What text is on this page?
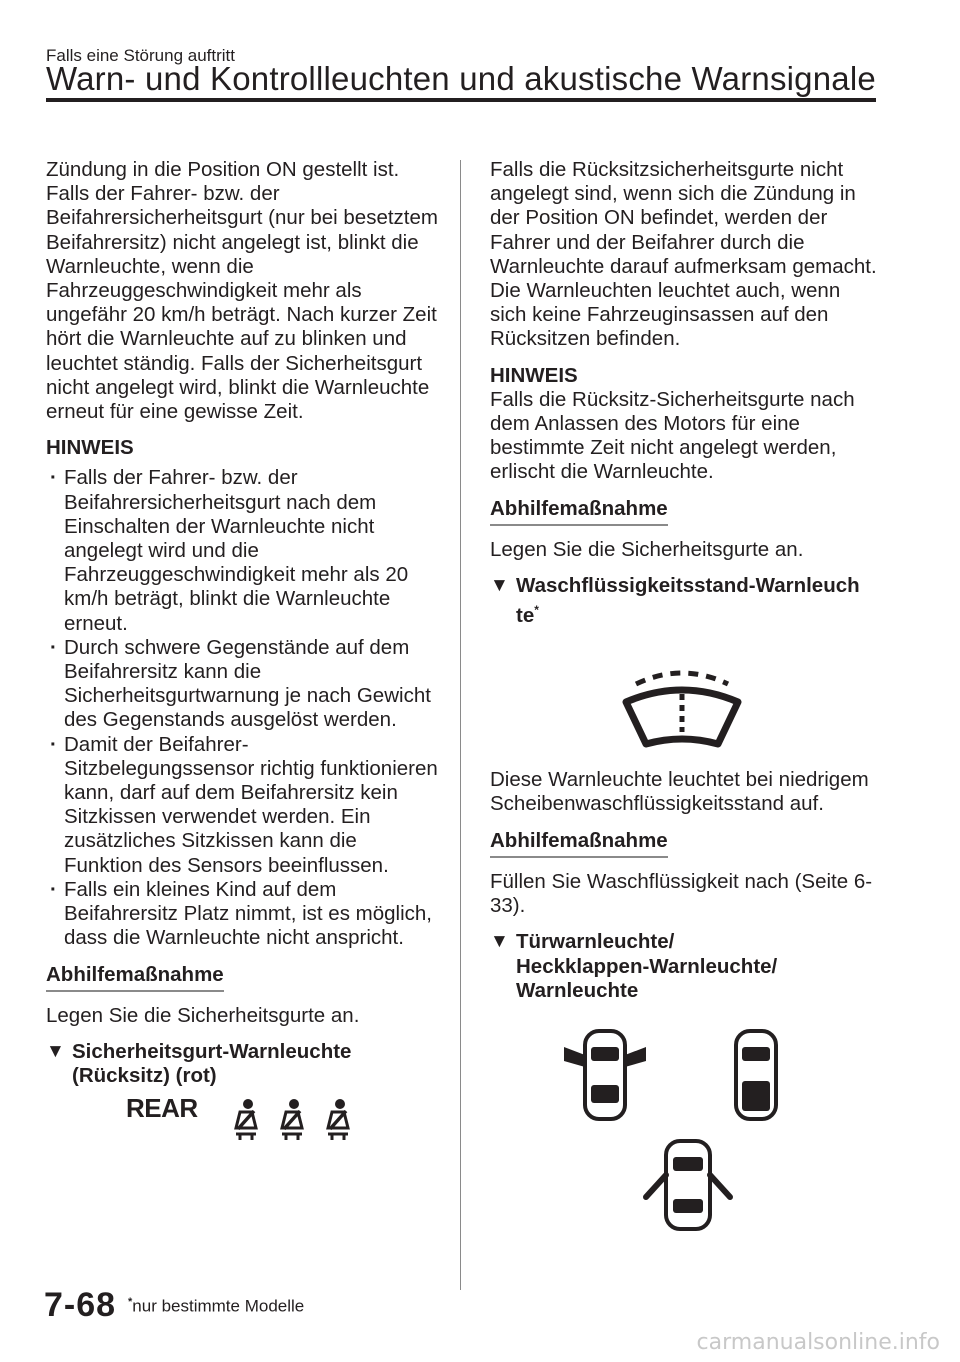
Falls eine Störung auftritt
Warn- und Kontrollleuchten und akustische Warnsignale

Zündung in die Position ON gestellt ist.

Falls der Fahrer- bzw. der Beifahrersicherheitsgurt (nur bei besetztem Beifahrersitz) nicht angelegt ist, blinkt die Warnleuchte, wenn die Fahrzeuggeschwindigkeit mehr als ungefähr 20 km/h beträgt. Nach kurzer Zeit hört die Warnleuchte auf zu blinken und leuchtet ständig. Falls der Sicherheitsgurt nicht angelegt wird, blinkt die Warnleuchte erneut für eine gewisse Zeit.

HINWEIS

· Falls der Fahrer- bzw. der Beifahrersicherheitsgurt nach dem Einschalten der Warnleuchte nicht angelegt wird und die Fahrzeuggeschwindigkeit mehr als 20 km/h beträgt, blinkt die Warnleuchte erneut.
· Durch schwere Gegenstände auf dem Beifahrersitz kann die Sicherheitsgurtwarnung je nach Gewicht des Gegenstands ausgelöst werden.
· Damit der Beifahrer-Sitzbelegungssensor richtig funktionieren kann, darf auf dem Beifahrersitz kein Sitzkissen verwendet werden. Ein zusätzliches Sitzkissen kann die Funktion des Sensors beeinflussen.
· Falls ein kleines Kind auf dem Beifahrersitz Platz nimmt, ist es möglich, dass die Warnleuchte nicht anspricht.
Abhilfemaßnahme

Legen Sie die Sicherheitsgurte an.

▼ Sicherheitsgurt-Warnleuchte (Rücksitz) (rot)
REAR

Falls die Rücksitzsicherheitsgurte nicht angelegt sind, wenn sich die Zündung in der Position ON befindet, werden der Fahrer und der Beifahrer durch die Warnleuchte darauf aufmerksam gemacht.

Die Warnleuchten leuchtet auch, wenn sich keine Fahrzeuginsassen auf den Rücksitzen befinden.

HINWEIS

Falls die Rücksitz-Sicherheitsgurte nach dem Anlassen des Motors für eine bestimmte Zeit nicht angelegt werden, erlischt die Warnleuchte.

Abhilfemaßnahme

Legen Sie die Sicherheitsgurte an.

▼ Waschflüssigkeitsstand-Warnleuch
te*

Diese Warnleuchte leuchtet bei niedrigem Scheibenwaschflüssigkeitsstand auf.

Abhilfemaßnahme

Füllen Sie Waschflüssigkeit nach (Seite 6-33).

▼ Türwarnleuchte/
Heckklappen-Warnleuchte/
Warnleuchte
7-68 *nur bestimmte Modelle
carmanualsonline.info
